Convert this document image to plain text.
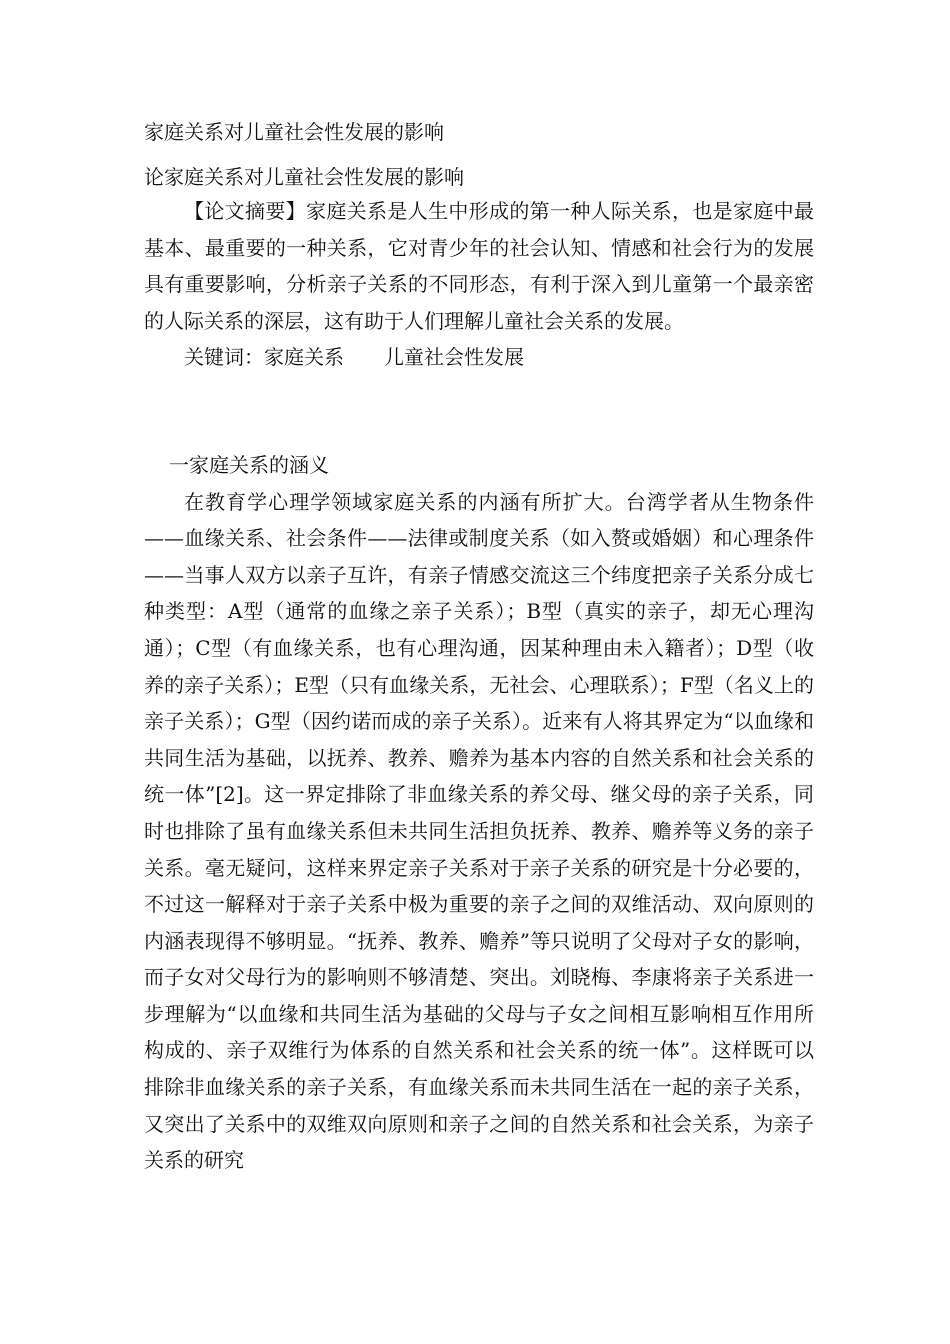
家庭关系对儿童社会性发展的影响

论家庭关系对儿童社会性发展的影响

【论文摘要】家庭关系是人生中形成的第一种人际关系，也是家庭中最基本、最重要的一种关系，它对青少年的社会认知、情感和社会行为的发展具有重要影响，分析亲子关系的不同形态，有利于深入到儿童第一个最亲密的人际关系的深层，这有助于人们理解儿童社会关系的发展。

关键词：家庭关系　　儿童社会性发展

一家庭关系的涵义

在教育学心理学领域家庭关系的内涵有所扩大。台湾学者从生物条件——血缘关系、社会条件——法律或制度关系（如入赘或婚姻）和心理条件——当事人双方以亲子互许，有亲子情感交流这三个纬度把亲子关系分成七种类型：A型（通常的血缘之亲子关系）；B型（真实的亲子，却无心理沟通）；C型（有血缘关系，也有心理沟通，因某种理由未入籍者）；D型（收养的亲子关系）；E型（只有血缘关系，无社会、心理联系）；F型（名义上的亲子关系）；G型（因约诺而成的亲子关系）。近来有人将其界定为“以血缘和共同生活为基础，以抚养、教养、赡养为基本内容的自然关系和社会关系的统一体”[2]。这一界定排除了非血缘关系的养父母、继父母的亲子关系，同时也排除了虽有血缘关系但未共同生活担负抚养、教养、赡养等义务的亲子关系。毫无疑问，这样来界定亲子关系对于亲子关系的研究是十分必要的，不过这一解释对于亲子关系中极为重要的亲子之间的双维活动、双向原则的内涵表现得不够明显。“抚养、教养、赡养”等只说明了父母对子女的影响，而子女对父母行为的影响则不够清楚、突出。刘晓梅、李康将亲子关系进一步理解为“以血缘和共同生活为基础的父母与子女之间相互影响相互作用所构成的、亲子双维行为体系的自然关系和社会关系的统一体”。这样既可以排除非血缘关系的亲子关系，有血缘关系而未共同生活在一起的亲子关系，又突出了关系中的双维双向原则和亲子之间的自然关系和社会关系，为亲子关系的研究
